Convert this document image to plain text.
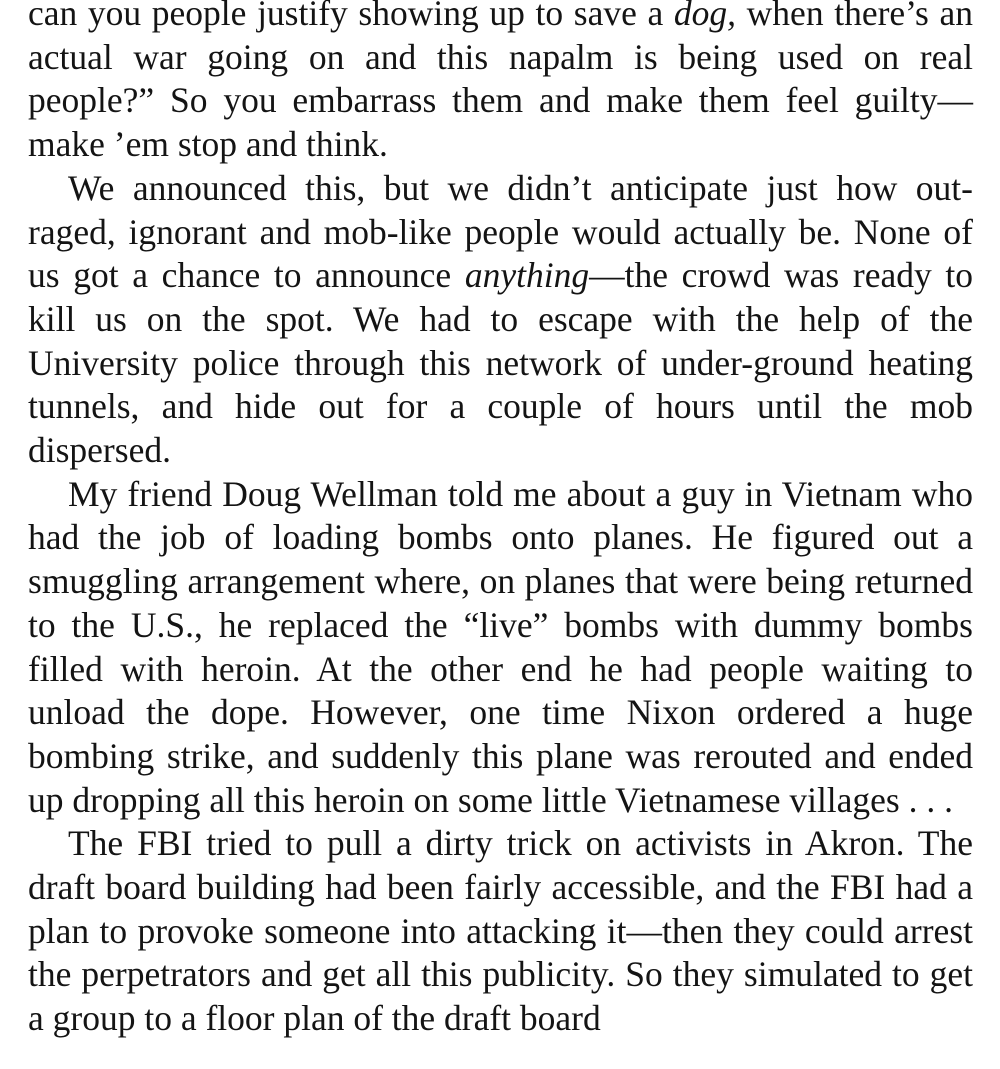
can you people justify showing up to save a dog, when there’s an actual war going on and this napalm is being used on real people?” So you embarrass them and make them feel guilty—make ’em stop and think.

We announced this, but we didn’t anticipate just how out-raged, ignorant and mob-like people would actually be. None of us got a chance to announce anything—the crowd was ready to kill us on the spot. We had to escape with the help of the University police through this network of under-ground heating tunnels, and hide out for a couple of hours until the mob dispersed.

My friend Doug Wellman told me about a guy in Vietnam who had the job of loading bombs onto planes. He figured out a smuggling arrangement where, on planes that were being returned to the U.S., he replaced the “live” bombs with dummy bombs filled with heroin. At the other end he had people waiting to unload the dope. However, one time Nixon ordered a huge bombing strike, and suddenly this plane was rerouted and ended up dropping all this heroin on some little Vietnamese villages . . .

The FBI tried to pull a dirty trick on activists in Akron. The draft board building had been fairly accessible, and the FBI had a plan to provoke someone into attacking it—then they could arrest the perpetrators and get all this publicity. So they simulated to get a group to a floor plan of the draft board
